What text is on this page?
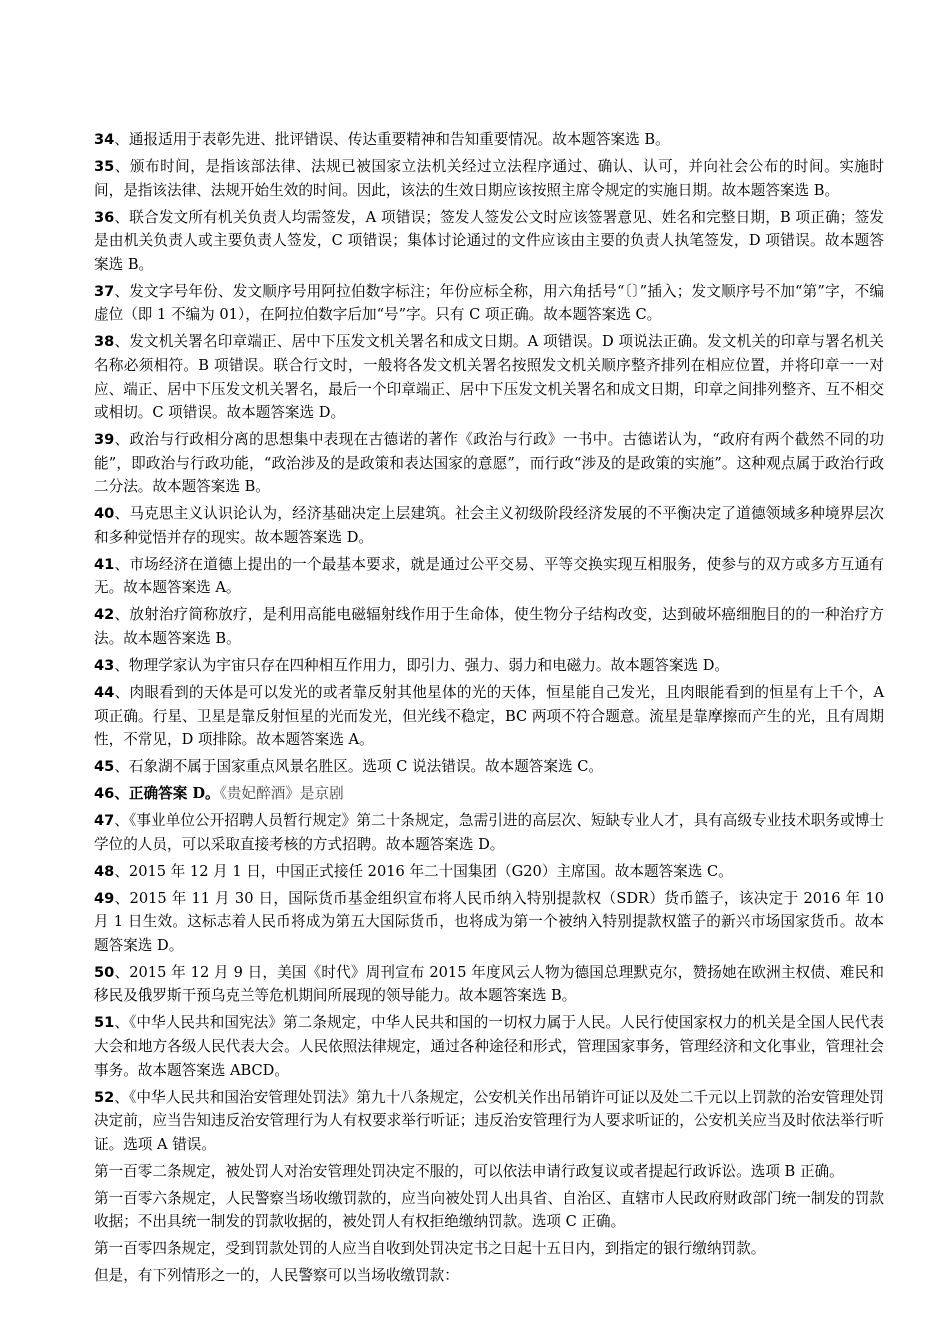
34、通报适用于表彰先进、批评错误、传达重要精神和告知重要情况。故本题答案选 B。

35、颁布时间，是指该部法律、法规已被国家立法机关经过立法程序通过、确认、认可，并向社会公布的时间。实施时间，是指该法律、法规开始生效的时间。因此，该法的生效日期应该按照主席令规定的实施日期。故本题答案选 B。

36、联合发文所有机关负责人均需签发，A 项错误；签发人签发公文时应该签署意见、姓名和完整日期，B 项正确；签发是由机关负责人或主要负责人签发，C 项错误；集体讨论通过的文件应该由主要的负责人执笔签发，D 项错误。故本题答案选 B。

37、发文字号年份、发文顺序号用阿拉伯数字标注；年份应标全称，用六角括号“〔〕”插入；发文顺序号不加“第”字，不编虚位（即 1 不编为 01），在阿拉伯数字后加“号”字。只有 C 项正确。故本题答案选 C。

38、发文机关署名印章端正、居中下压发文机关署名和成文日期。A 项错误。D 项说法正确。发文机关的印章与署名机关名称必须相符。B 项错误。联合行文时，一般将各发文机关署名按照发文机关顺序整齐排列在相应位置，并将印章一一对应、端正、居中下压发文机关署名，最后一个印章端正、居中下压发文机关署名和成文日期，印章之间排列整齐、互不相交或相切。C 项错误。故本题答案选 D。

39、政治与行政相分离的思想集中表现在古德诺的著作《政治与行政》一书中。古德诺认为，“政府有两个截然不同的功能”，即政治与行政功能，“政治涉及的是政策和表达国家的意愿”，而行政“涉及的是政策的实施”。这种观点属于政治行政二分法。故本题答案选 B。

40、马克思主义认识论认为，经济基础决定上层建筑。社会主义初级阶段经济发展的不平衡决定了道德领域多种境界层次和多种觉悟并存的现实。故本题答案选 D。

41、市场经济在道德上提出的一个最基本要求，就是通过公平交易、平等交换实现互相服务，使参与的双方或多方互通有无。故本题答案选 A。

42、放射治疗简称放疗，是利用高能电磁辐射线作用于生命体，使生物分子结构改变，达到破坏癌细胞目的的一种治疗方法。故本题答案选 B。

43、物理学家认为宇宙只存在四种相互作用力，即引力、强力、弱力和电磁力。故本题答案选 D。

44、肉眼看到的天体是可以发光的或者靠反射其他星体的光的天体，恒星能自己发光，且肉眼能看到的恒星有上千个，A 项正确。行星、卫星是靠反射恒星的光而发光，但光线不稳定，BC 两项不符合题意。流星是靠摩擦而产生的光，且有周期性，不常见，D 项排除。故本题答案选 A。

45、石象湖不属于国家重点风景名胜区。选项 C 说法错误。故本题答案选 C。

46、正确答案 D。《贵妃醉酒》是京剧

47、《事业单位公开招聘人员暂行规定》第二十条规定，急需引进的高层次、短缺专业人才，具有高级专业技术职务或博士学位的人员，可以采取直接考核的方式招聘。故本题答案选 D。

48、2015 年 12 月 1 日，中国正式接任 2016 年二十国集团（G20）主席国。故本题答案选 C。

49、2015 年 11 月 30 日，国际货币基金组织宣布将人民币纳入特别提款权（SDR）货币篮子，该决定于 2016 年 10 月 1 日生效。这标志着人民币将成为第五大国际货币，也将成为第一个被纳入特别提款权篮子的新兴市场国家货币。故本题答案选 D。

50、2015 年 12 月 9 日，美国《时代》周刊宣布 2015 年度风云人物为德国总理默克尔，赞扬她在欧洲主权债、难民和移民及俄罗斯干预乌克兰等危机期间所展现的领导能力。故本题答案选 B。

51、《中华人民共和国宪法》第二条规定，中华人民共和国的一切权力属于人民。人民行使国家权力的机关是全国人民代表大会和地方各级人民代表大会。人民依照法律规定，通过各种途径和形式，管理国家事务，管理经济和文化事业，管理社会事务。故本题答案选 ABCD。

52、《中华人民共和国治安管理处罚法》第九十八条规定，公安机关作出吊销许可证以及处二千元以上罚款的治安管理处罚决定前，应当告知违反治安管理行为人有权要求举行听证；违反治安管理行为人要求听证的，公安机关应当及时依法举行听证。选项 A 错误。

第一百零二条规定，被处罚人对治安管理处罚决定不服的，可以依法申请行政复议或者提起行政诉讼。选项 B 正确。

第一百零六条规定，人民警察当场收缴罚款的，应当向被处罚人出具省、自治区、直辖市人民政府财政部门统一制发的罚款收据；不出具统一制发的罚款收据的，被处罚人有权拒绝缴纳罚款。选项 C 正确。

第一百零四条规定，受到罚款处罚的人应当自收到处罚决定书之日起十五日内，到指定的银行缴纳罚款。

但是，有下列情形之一的，人民警察可以当场收缴罚款：
